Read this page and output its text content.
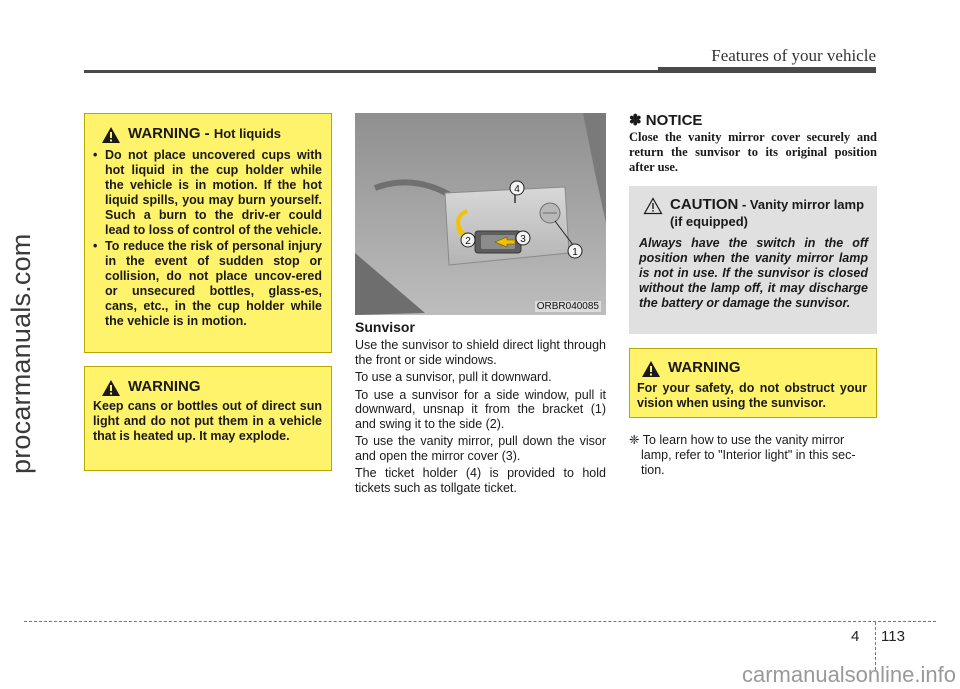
Features of your vehicle
procarmanuals.com
carmanualsonline.info
WARNING - Hot liquids
• Do not place uncovered cups with hot liquid in the cup holder while the vehicle is in motion. If the hot liquid spills, you may burn yourself. Such a burn to the driv-er could lead to loss of control of the vehicle.
• To reduce the risk of personal injury in the event of sudden stop or collision, do not place uncov-ered or unsecured bottles, glass-es, cans, etc., in the cup holder while the vehicle is in motion.
WARNING
Keep cans or bottles out of direct sun light and do not put them in a vehicle that is heated up. It may explode.
4
2	3
1
ORBR040085
Sunvisor

Use the sunvisor to shield direct light through the front or side windows.

To use a sunvisor, pull it downward.

To use a sunvisor for a side window, pull it downward, unsnap it from the bracket (1) and swing it to the side (2).

To use the vanity mirror, pull down the visor and open the mirror cover (3).

The ticket holder (4) is provided to hold tickets such as tollgate ticket.

✽ NOTICE
Close the vanity mirror cover securely and return the sunvisor to its original position after use.
CAUTION - Vanity mirror lamp (if equipped)
Always have the switch in the off position when the vanity mirror lamp is not in use. If the sunvisor is closed without the lamp off, it may discharge the battery or damage the sunvisor.
WARNING
For your safety, do not obstruct your vision when using the sunvisor.
❈ To learn how to use the vanity mirror lamp, refer to "Interior light" in this sec-tion.
4 113
